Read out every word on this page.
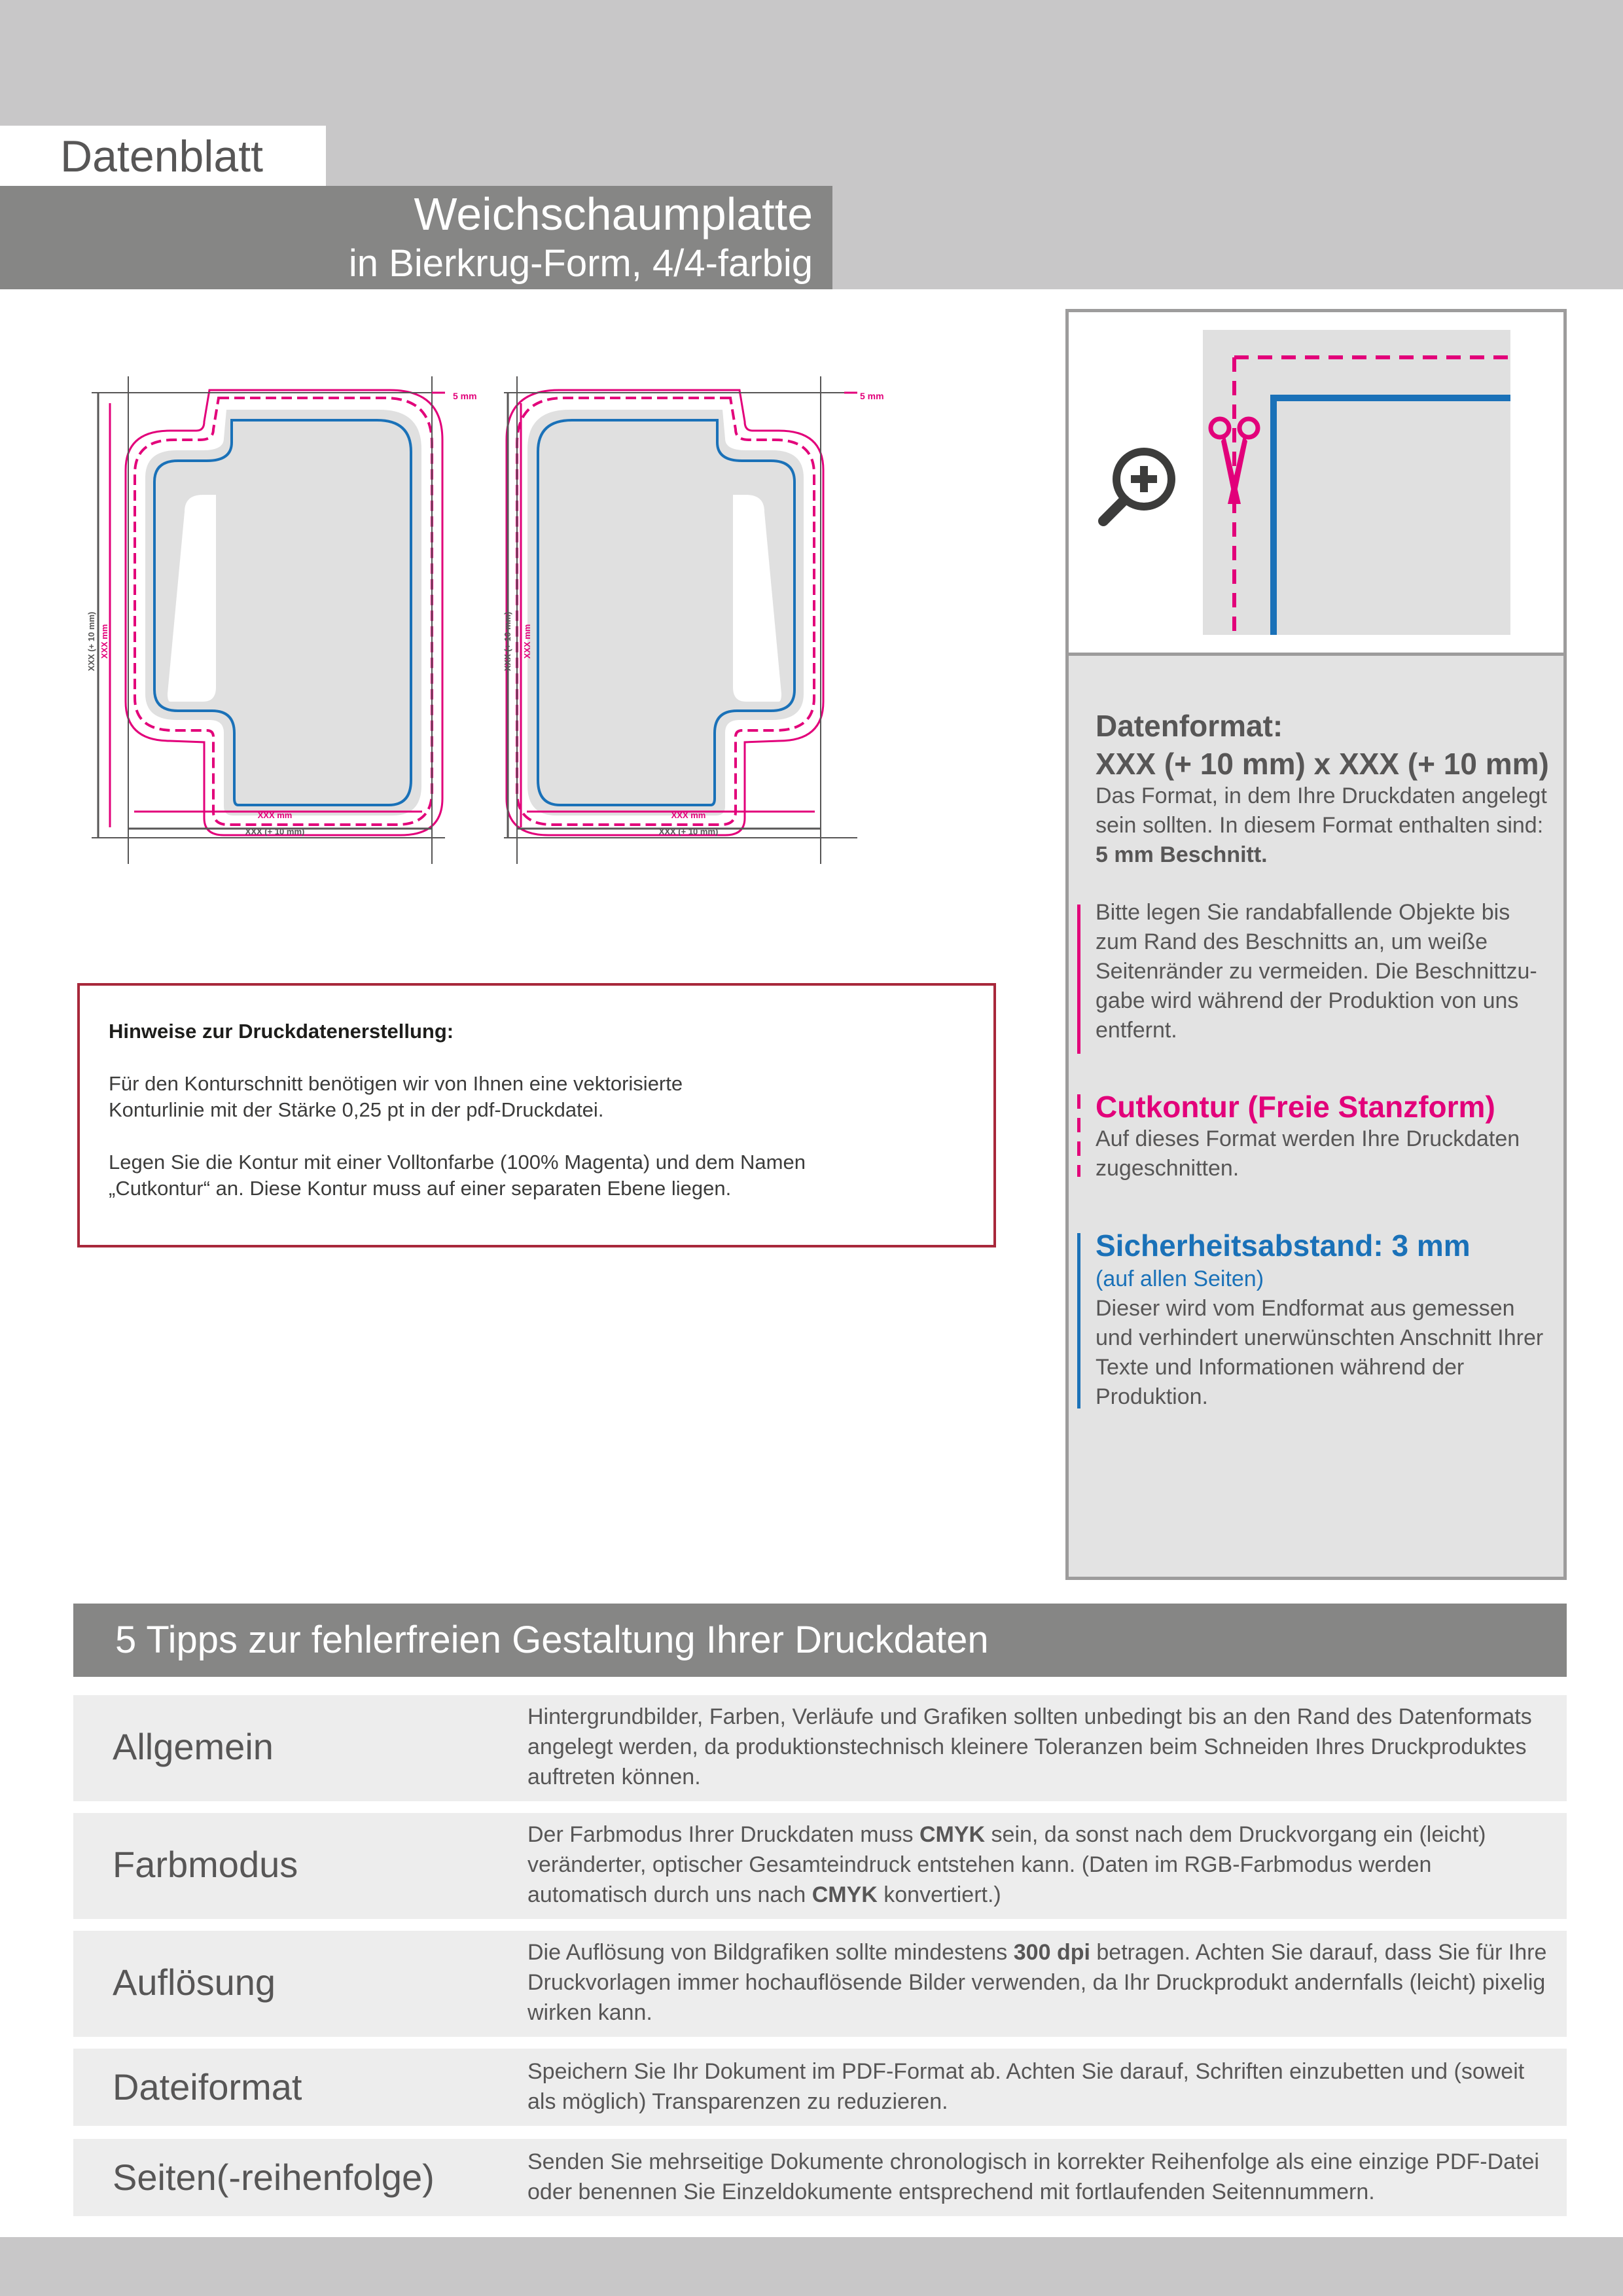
Datenblatt
Weichschaumplatte
in Bierkrug-Form, 4/4-farbig
5 mm
XXX (+ 10 mm) XXX mm
XXX mm
XXX (+ 10 mm)
5 mm
XXX (+ 10 mm) XXX mm
XXX mm
XXX (+ 10 mm)
Hinweise zur Druckdatenerstellung:

Für den Konturschnitt benötigen wir von Ihnen eine vektorisierte
Konturlinie mit der Stärke 0,25 pt in der pdf-Druckdatei.

Legen Sie die Kontur mit einer Volltonfarbe (100% Magenta) und dem Namen
„Cutkontur“ an. Diese Kontur muss auf einer separaten Ebene liegen.

Datenformat:
XXX (+ 10 mm) x XXX (+ 10 mm)
Das Format, in dem Ihre Druckdaten angelegt sein sollten. In diesem Format enthalten sind: 5 mm Beschnitt.
Bitte legen Sie randabfallende Objekte bis zum Rand des Beschnitts an, um weiße Seitenränder zu vermeiden. Die Beschnittzu-gabe wird während der Produktion von uns entfernt.
Cutkontur (Freie Stanzform)
Auf dieses Format werden Ihre Druckdaten zugeschnitten.
Sicherheitsabstand: 3 mm
(auf allen Seiten)
Dieser wird vom Endformat aus gemessen und verhindert unerwünschten Anschnitt Ihrer Texte und Informationen während der Produktion.
5 Tipps zur fehlerfreien Gestaltung Ihrer Druckdaten
Allgemein
Hintergrundbilder, Farben, Verläufe und Grafiken sollten unbedingt bis an den Rand des Datenformats angelegt werden, da produktionstechnisch kleinere Toleranzen beim Schneiden Ihres Druckproduktes auftreten können.
Farbmodus
Der Farbmodus Ihrer Druckdaten muss CMYK sein, da sonst nach dem Druckvorgang ein (leicht) veränderter, optischer Gesamteindruck entstehen kann. (Daten im RGB-Farbmodus werden automatisch durch uns nach CMYK konvertiert.)
Auflösung
Die Auflösung von Bildgrafiken sollte mindestens 300 dpi betragen. Achten Sie darauf, dass Sie für Ihre Druckvorlagen immer hochauflösende Bilder verwenden, da Ihr Druckprodukt andernfalls (leicht) pixelig wirken kann.
Dateiformat	Speichern Sie Ihr Dokument im PDF-Format ab. Achten Sie darauf, Schriften einzubetten und (soweit als möglich) Transparenzen zu reduzieren.
Seiten(-reihenfolge)	Senden Sie mehrseitige Dokumente chronologisch in korrekter Reihenfolge als eine einzige PDF-Datei oder benennen Sie Einzeldokumente entsprechend mit fortlaufenden Seitennummern.
